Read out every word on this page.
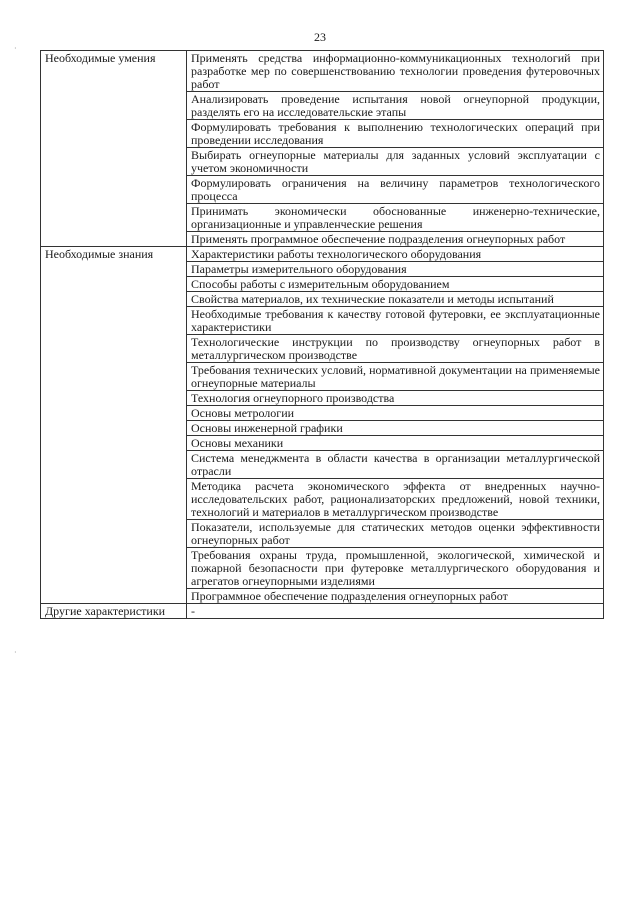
23
·
·
Необходимые умения	Применять средства информационно-коммуникационных технологий при разработке мер по совершенствованию технологии проведения футеровочных работ
	Анализировать проведение испытания новой огнеупорной продукции, разделять его на исследовательские этапы
	Формулировать требования к выполнению технологических операций при проведении исследования
	Выбирать огнеупорные материалы для заданных условий эксплуатации с учетом экономичности
	Формулировать ограничения на величину параметров технологического процесса
	Принимать экономически обоснованные инженерно-технические, организационные и управленческие решения
	Применять программное обеспечение подразделения огнеупорных работ
Необходимые знания	Характеристики работы технологического оборудования
	Параметры измерительного оборудования
	Способы работы с измерительным оборудованием
	Свойства материалов, их технические показатели и методы испытаний
	Необходимые требования к качеству готовой футеровки, ее эксплуатационные характеристики
	Технологические инструкции по производству огнеупорных работ в металлургическом производстве
	Требования технических условий, нормативной документации на применяемые огнеупорные материалы
	Технология огнеупорного производства
	Основы метрологии
	Основы инженерной графики
	Основы механики
	Система менеджмента в области качества в организации металлургической отрасли
	Методика расчета экономического эффекта от внедренных научно-исследовательских работ, рационализаторских предложений, новой техники, технологий и материалов в металлургическом производстве
	Показатели, используемые для статических методов оценки эффективности огнеупорных работ
	Требования охраны труда, промышленной, экологической, химической и пожарной безопасности при футеровке металлургического оборудования и агрегатов огнеупорными изделиями
	Программное обеспечение подразделения огнеупорных работ
Другие характеристики	-
